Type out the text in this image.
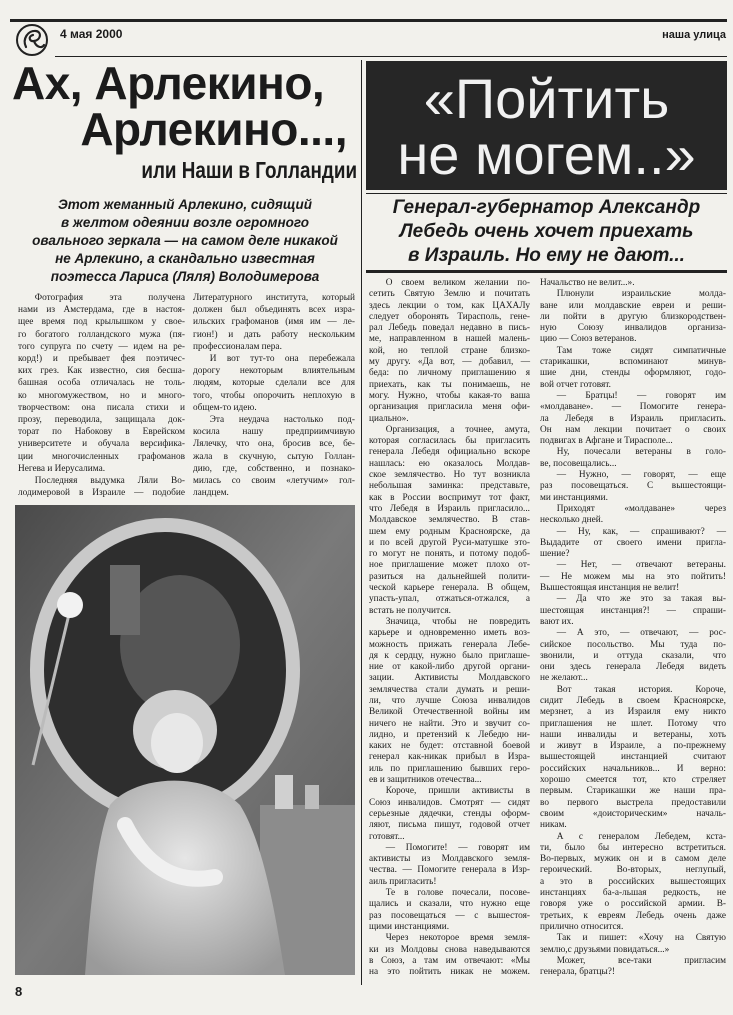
4 мая 2000	наша улица
Ах, Арлекино,
Арлекино...,
или Наши в Голландии
Этот жеманный Арлекино, сидящий
в желтом одеянии возле огромного
овального зеркала — на самом деле никакой
не Арлекино, а скандально известная
поэтесса Лариса (Ляля) Володимерова
Фотография эта получена
нами из Амстердама, где в настоя-
щее время под крылышком у свое-
го богатого голландского мужа (пя-
того супруга по счету — идем на ре-
корд!) и пребывает фея поэтичес-
ких грез. Как известно, сия бесша-
башная особа отличалась не толь-
ко многомужеством, но и много-
творчеством: она писала стихи и
прозу, переводила, защищала док-
торат по Набокову в Еврейском
университете и обучала версифика-
ции многочисленных графоманов
Негева и Иерусалима.
Последняя выдумка Ляли Во-
лодимеровой в Израиле — подобие
Литературного института, который
должен был объединять всех изра-
ильских графоманов (имя им — ле-
гион!) и дать работу нескольким
профессионалам пера.
И вот тут-то она перебежала
дорогу некоторым влиятельным
людям, которые сделали все для
того, чтобы опорочить неплохую в
общем-то идею.
Эта неудача настолько под-
косила нашу предприимчивую
Лялечку, что она, бросив все, бе-
жала в скучную, сытую Голлан-
дию, где, собственно, и познако-
милась со своим «летучим» гол-
ландцем.
«Пойтить
не могем..»
Генерал-губернатор Александр
Лебедь очень хочет приехать
в Израиль. Но ему не дают...
О своем великом желании по-
сетить Святую Землю и почитать
здесь лекции о том, как ЦАХАЛу
следует оборонять Тирасполь, гене-
рал Лебедь поведал недавно в пись-
ме, направленном в нашей малень-
кой, но теплой стране близко-
му другу. «Да вот, — добавил, —
беда: по личному приглашению я
приехать, как ты понимаешь, не
могу. Нужно, чтобы какая-то ваша
организация пригласила меня офи-
циально».
Организация, а точнее, амута,
которая согласилась бы пригласить
генерала Лебедя официально вскоре
нашлась: ею оказалось Молдав-
ское землячество. Но тут возникла
небольшая заминка: представьте,
как в России воспримут тот факт,
что Лебедя в Израиль пригласило...
Молдавское землячество. В став-
шем ему родным Красноярске, да
и по всей другой Руси-матушке это-
го могут не понять, и потому подоб-
ное приглашение может плохо от-
разиться на дальнейшей полити-
ческой карьере генерала. В общем,
упасть-упал, отжаться-отжался, а
встать не получится.
Значица, чтобы не повредить
карьере и одновременно иметь воз-
можность прижать генерала Лебе-
дя к сердцу, нужно было приглаше-
ние от какой-либо другой органи-
зации. Активисты Молдавского
землячества стали думать и реши-
ли, что лучше Союза инвалидов
Великой Отечественной войны им
ничего не найти. Это и звучит со-
лидно, и претензий к Лебедю ни-
каких не будет: отставной боевой
генерал как-никак прибыл в Изра-
иль по приглашению бывших геро-
ев и защитников отечества...
Короче, пришли активисты в
Союз инвалидов. Смотрят — сидят
серьезные дядечки, стенды оформ-
ляют, письма пишут, годовой отчет
готовят...
— Помогите! — говорят им
активисты из Молдавского земля-
чества. — Помогите генерала в Изр-
аиль пригласить!
Те в голове почесали, посове-
щались и сказали, что нужно еще
раз посовещаться — с вышестоя-
щими инстанциями.
Через некоторое время земля-
ки из Молдовы снова наведываются
в Союз, а там им отвечают: «Мы
на это пойтить никак не можем.
Начальство не велит...».
Плюнули израильские молда-
ване или молдавские евреи и реши-
ли пойти в другую близкородствен-
ную Союзу инвалидов организа-
цию — Союз ветеранов.
Там тоже сидят симпатичные
старикашки, вспоминают минув-
шие дни, стенды оформляют, годо-
вой отчет готовят.
— Братцы! — говорят им
«молдаване». — Помогите генера-
ла Лебедя в Израиль пригласить.
Он нам лекции почитает о своих
подвигах в Афгане и Тирасполе...
Ну, почесали ветераны в голо-
ве, посовещались...
— Нужно, — говорят, — еще
раз посовещаться. С вышестоящи-
ми инстанциями.
Приходят «молдаване» через
несколько дней.
— Ну, как, — спрашивают? —
Выдадите от своего имени пригла-
шение?
— Нет, — отвечают ветераны.
— Не можем мы на это пойтить!
Вышестоящая инстанция не велит!
— Да что же это за такая вы-
шестоящая инстанция?! — спраши-
вают их.
— А это, — отвечают, — рос-
сийское посольство. Мы туда по-
звонили, и оттуда сказали, что
они здесь генерала Лебедя видеть
не желают...
Вот такая история. Короче,
сидит Лебедь в своем Красноярске,
мерзнет, а из Израиля ему никто
приглашения не шлет. Потому что
наши инвалиды и ветераны, хоть
и живут в Израиле, а по-прежнему
вышестоящей инстанцией считают
российских начальников... И верно:
хорошо смеется тот, кто стреляет
первым. Старикашки же наши пра-
во первого выстрела предоставили
своим «доисторическим» началь-
никам.
А с генералом Лебедем, кста-
ти, было бы интересно встретиться.
Во-первых, мужик он и в самом деле
героический. Во-вторых, неглупый,
а это в российских вышестоящих
инстанциях ба-а-льшая редкость, не
говоря уже о российской армии. В-
третьих, к евреям Лебедь очень даже
прилично относится.
Так и пишет: «Хочу на Святую
землю,с друзьями повидаться...»
Может, все-таки пригласим
генерала, братцы?!
8
